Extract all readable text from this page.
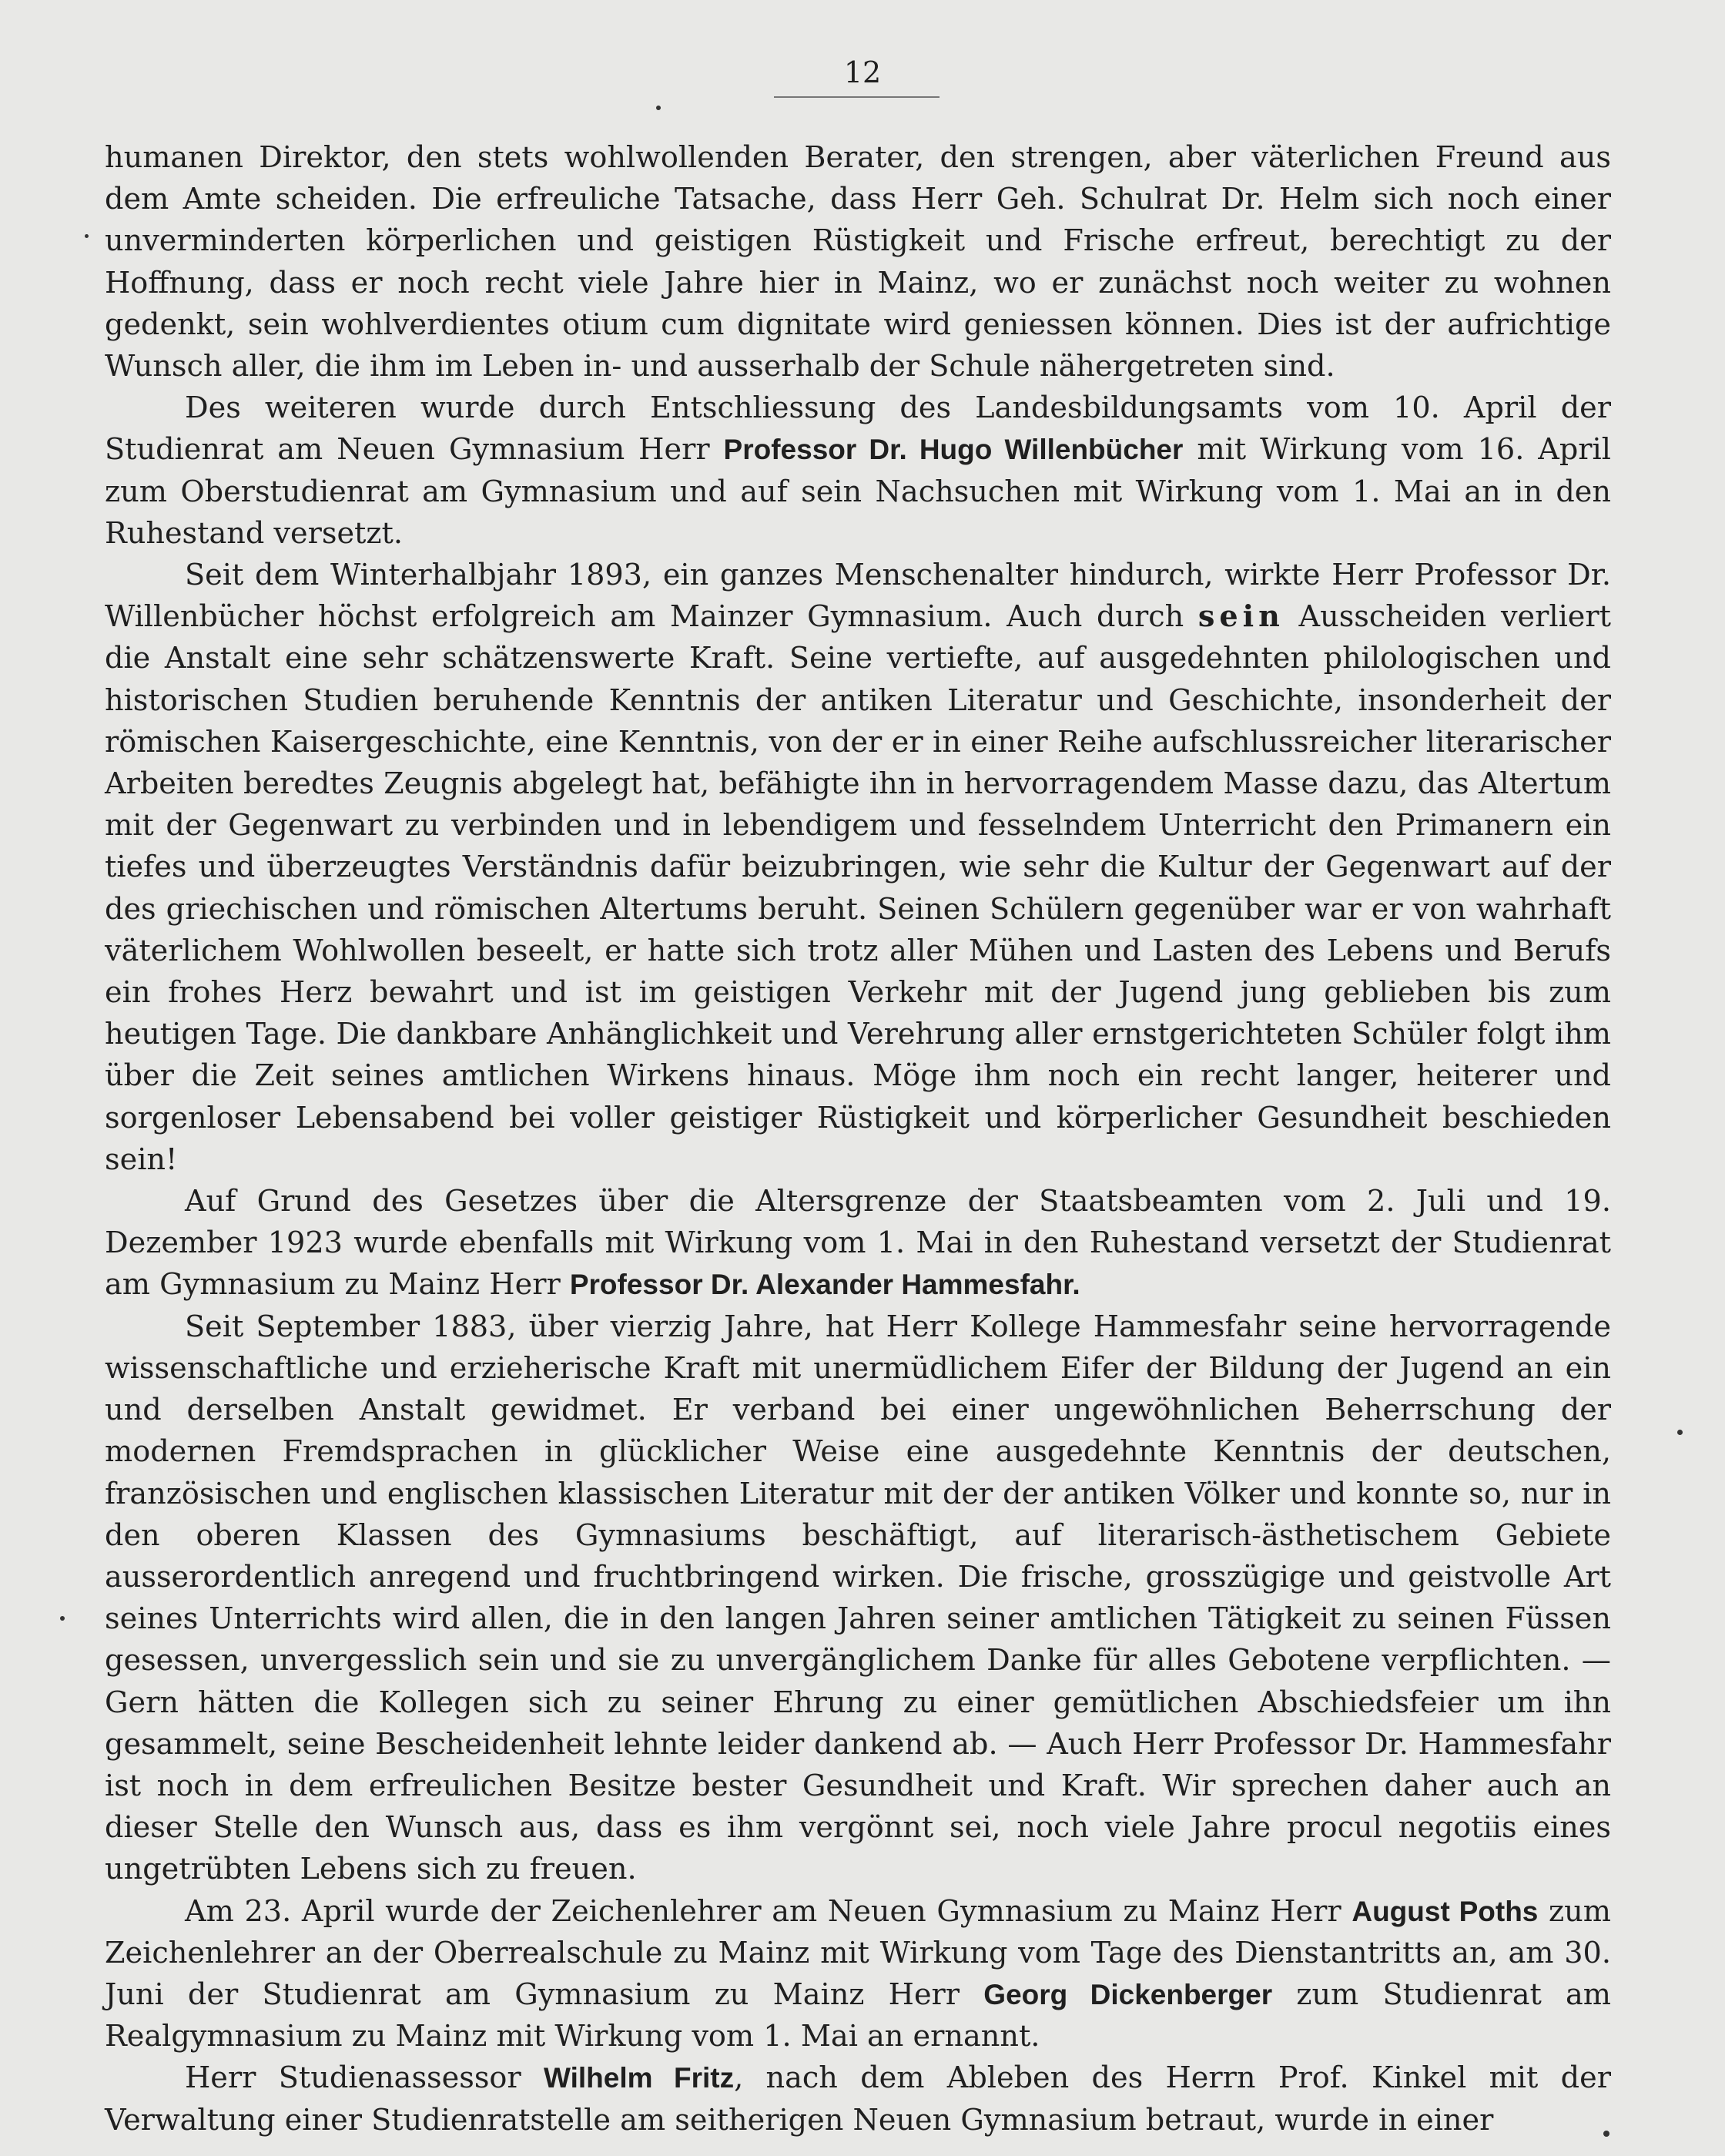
12

humanen Direktor, den stets wohlwollenden Berater, den strengen, aber väterlichen Freund aus dem Amte scheiden. Die erfreuliche Tatsache, dass Herr Geh. Schulrat Dr. Helm sich noch einer unverminderten körperlichen und geistigen Rüstigkeit und Frische erfreut, berechtigt zu der Hoffnung, dass er noch recht viele Jahre hier in Mainz, wo er zunächst noch weiter zu wohnen gedenkt, sein wohlverdientes otium cum dignitate wird geniessen können. Dies ist der aufrichtige Wunsch aller, die ihm im Leben in- und ausserhalb der Schule nähergetreten sind.

Des weiteren wurde durch Entschliessung des Landesbildungsamts vom 10. April der Studienrat am Neuen Gymnasium Herr Professor Dr. Hugo Willenbücher mit Wirkung vom 16. April zum Oberstudienrat am Gymnasium und auf sein Nachsuchen mit Wirkung vom 1. Mai an in den Ruhestand versetzt.

Seit dem Winterhalbjahr 1893, ein ganzes Menschenalter hindurch, wirkte Herr Professor Dr. Willenbücher höchst erfolgreich am Mainzer Gymnasium. Auch durch sein Ausscheiden verliert die Anstalt eine sehr schätzenswerte Kraft. Seine vertiefte, auf ausgedehnten philologischen und historischen Studien beruhende Kenntnis der antiken Literatur und Geschichte, insonderheit der römischen Kaisergeschichte, eine Kenntnis, von der er in einer Reihe aufschlussreicher literarischer Arbeiten beredtes Zeugnis abgelegt hat, befähigte ihn in hervorragendem Masse dazu, das Altertum mit der Gegenwart zu verbinden und in lebendigem und fesselndem Unterricht den Primanern ein tiefes und überzeugtes Verständnis dafür beizubringen, wie sehr die Kultur der Gegenwart auf der des griechischen und römischen Altertums beruht. Seinen Schülern gegenüber war er von wahrhaft väterlichem Wohlwollen beseelt, er hatte sich trotz aller Mühen und Lasten des Lebens und Berufs ein frohes Herz bewahrt und ist im geistigen Verkehr mit der Jugend jung geblieben bis zum heutigen Tage. Die dankbare Anhänglichkeit und Verehrung aller ernstgerichteten Schüler folgt ihm über die Zeit seines amtlichen Wirkens hinaus. Möge ihm noch ein recht langer, heiterer und sorgenloser Lebensabend bei voller geistiger Rüstigkeit und körperlicher Gesundheit beschieden sein!

Auf Grund des Gesetzes über die Altersgrenze der Staatsbeamten vom 2. Juli und 19. Dezember 1923 wurde ebenfalls mit Wirkung vom 1. Mai in den Ruhestand versetzt der Studienrat am Gymnasium zu Mainz Herr Professor Dr. Alexander Hammesfahr.

Seit September 1883, über vierzig Jahre, hat Herr Kollege Hammesfahr seine hervorragende wissenschaftliche und erzieherische Kraft mit unermüdlichem Eifer der Bildung der Jugend an ein und derselben Anstalt gewidmet. Er verband bei einer ungewöhnlichen Beherrschung der modernen Fremdsprachen in glücklicher Weise eine ausgedehnte Kenntnis der deutschen, französischen und englischen klassischen Literatur mit der der antiken Völker und konnte so, nur in den oberen Klassen des Gymnasiums beschäftigt, auf literarisch-ästhetischem Gebiete ausserordentlich anregend und fruchtbringend wirken. Die frische, grosszügige und geistvolle Art seines Unterrichts wird allen, die in den langen Jahren seiner amtlichen Tätigkeit zu seinen Füssen gesessen, unvergesslich sein und sie zu unvergänglichem Danke für alles Gebotene verpflichten. — Gern hätten die Kollegen sich zu seiner Ehrung zu einer gemütlichen Abschiedsfeier um ihn gesammelt, seine Bescheidenheit lehnte leider dankend ab. — Auch Herr Professor Dr. Hammesfahr ist noch in dem erfreulichen Besitze bester Gesundheit und Kraft. Wir sprechen daher auch an dieser Stelle den Wunsch aus, dass es ihm vergönnt sei, noch viele Jahre procul negotiis eines ungetrübten Lebens sich zu freuen.

Am 23. April wurde der Zeichenlehrer am Neuen Gymnasium zu Mainz Herr August Poths zum Zeichenlehrer an der Oberrealschule zu Mainz mit Wirkung vom Tage des Dienstantritts an, am 30. Juni der Studienrat am Gymnasium zu Mainz Herr Georg Dickenberger zum Studienrat am Realgymnasium zu Mainz mit Wirkung vom 1. Mai an ernannt.

Herr Studienassessor Wilhelm Fritz, nach dem Ableben des Herrn Prof. Kinkel mit der Verwaltung einer Studienratstelle am seitherigen Neuen Gymnasium betraut, wurde in einer
